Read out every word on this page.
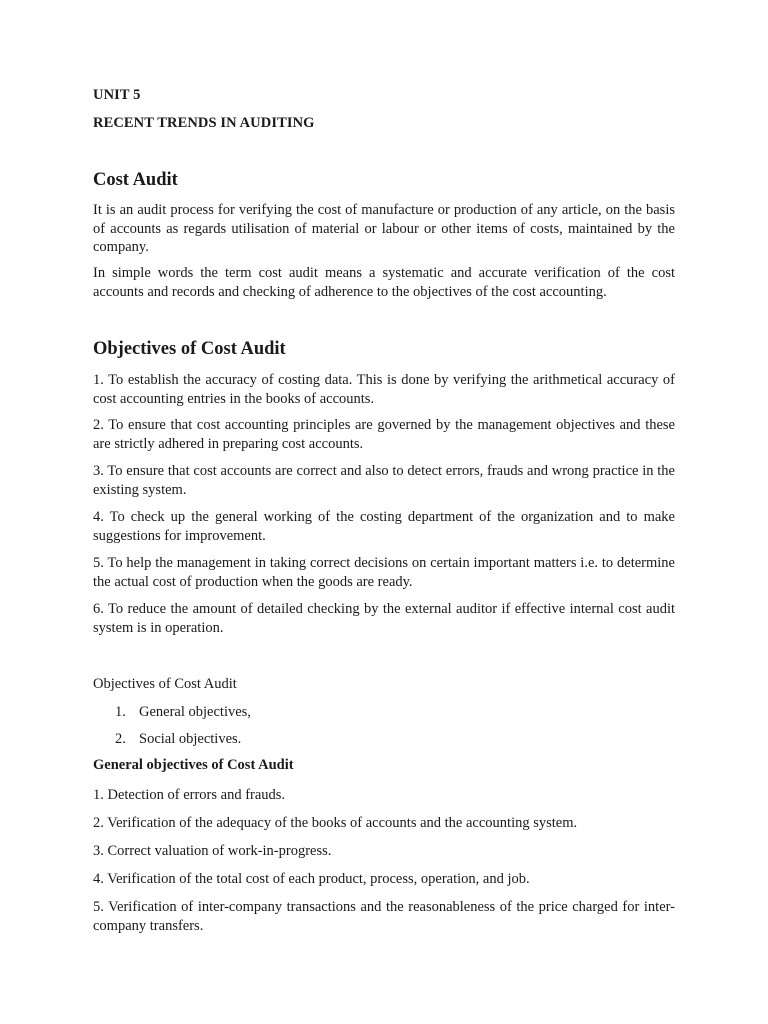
UNIT 5

RECENT TRENDS IN AUDITING

Cost Audit

It is an audit process for verifying the cost of manufacture or production of any article, on the basis of accounts as regards utilisation of material or labour or other items of costs, maintained by the company.

In simple words the term cost audit means a systematic and accurate verification of the cost accounts and records and checking of adherence to the objectives of the cost accounting.

Objectives of Cost Audit

1. To establish the accuracy of costing data. This is done by verifying the arithmetical accuracy of cost accounting entries in the books of accounts.

2. To ensure that cost accounting principles are governed by the management objectives and these are strictly adhered in preparing cost accounts.

3. To ensure that cost accounts are correct and also to detect errors, frauds and wrong practice in the existing system.

4. To check up the general working of the costing department of the organization and to make suggestions for improvement.

5. To help the management in taking correct decisions on certain important matters i.e. to determine the actual cost of production when the goods are ready.

6. To reduce the amount of detailed checking by the external auditor if effective internal cost audit system is in operation.

Objectives of Cost Audit

1. General objectives,

2. Social objectives.

General objectives of Cost Audit

1. Detection of errors and frauds.

2. Verification of the adequacy of the books of accounts and the accounting system.

3. Correct valuation of work-in-progress.

4. Verification of the total cost of each product, process, operation, and job.

5. Verification of inter-company transactions and the reasonableness of the price charged for inter-company transfers.
